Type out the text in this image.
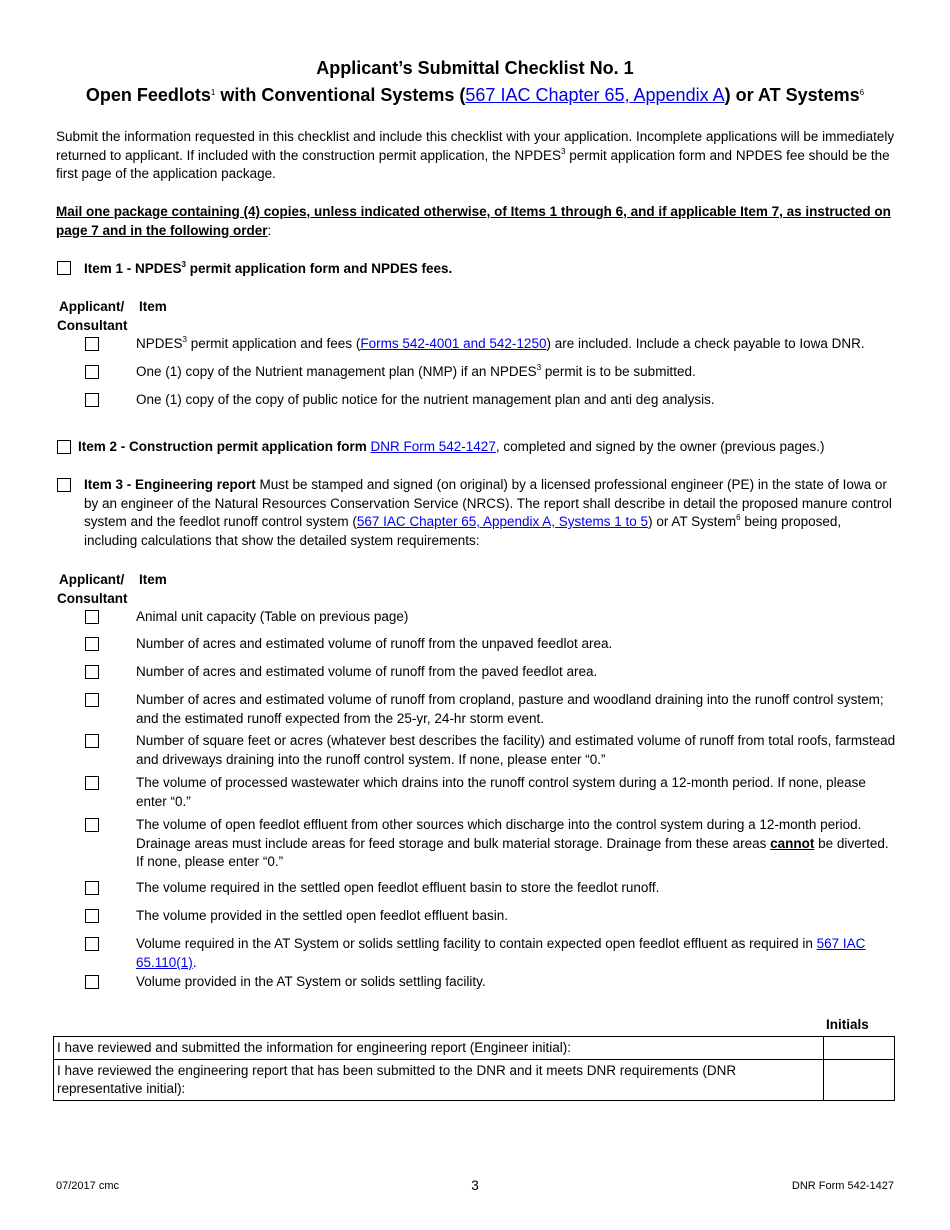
Applicant’s Submittal Checklist No. 1
Open Feedlots$^1$ with Conventional Systems (567 IAC Chapter 65, Appendix A) or AT Systems$^6$
Submit the information requested in this checklist and include this checklist with your application. Incomplete applications will be immediately returned to applicant. If included with the construction permit application, the NPDES$^3$ permit application form and NPDES fee should be the first page of the application package.
Mail one package containing (4) copies, unless indicated otherwise, of Items 1 through 6, and if applicable Item 7, as instructed on page 7 and in the following order:
Item 1 - NPDES$^3$ permit application form and NPDES fees.
Applicant/
Consultant
Item
NPDES$^3$ permit application and fees (Forms 542-4001 and 542-1250) are included. Include a check payable to Iowa DNR.
One (1) copy of the Nutrient management plan (NMP) if an NPDES$^3$ permit is to be submitted.
One (1) copy of the copy of public notice for the nutrient management plan and anti deg analysis.
Item 2 - Construction permit application form DNR Form 542-1427, completed and signed by the owner (previous pages.)
Item 3 - Engineering report Must be stamped and signed (on original) by a licensed professional engineer (PE) in the state of Iowa or by an engineer of the Natural Resources Conservation Service (NRCS). The report shall describe in detail the proposed manure control system and the feedlot runoff control system (567 IAC Chapter 65, Appendix A, Systems 1 to 5) or AT System$^6$ being proposed, including calculations that show the detailed system requirements:
Applicant/
Consultant
Item
Animal unit capacity (Table on previous page)
Number of acres and estimated volume of runoff from the unpaved feedlot area.
Number of acres and estimated volume of runoff from the paved feedlot area.
Number of acres and estimated volume of runoff from cropland, pasture and woodland draining into the runoff control system; and the estimated runoff expected from the 25-yr, 24-hr storm event.
Number of square feet or acres (whatever best describes the facility) and estimated volume of runoff from total roofs, farmstead and driveways draining into the runoff control system. If none, please enter “0.”
The volume of processed wastewater which drains into the runoff control system during a 12-month period. If none, please enter “0.”
The volume of open feedlot effluent from other sources which discharge into the control system during a 12-month period. Drainage areas must include areas for feed storage and bulk material storage. Drainage from these areas cannot be diverted. If none, please enter “0.”
The volume required in the settled open feedlot effluent basin to store the feedlot runoff.
The volume provided in the settled open feedlot effluent basin.
Volume required in the AT System or solids settling facility to contain expected open feedlot effluent as required in 567 IAC 65.110(1).
Volume provided in the AT System or solids settling facility.
Initials
I have reviewed and submitted the information for engineering report (Engineer initial):	
I have reviewed the engineering report that has been submitted to the DNR and it meets DNR requirements (DNR representative initial):	
07/2017 cmc	3	DNR Form 542-1427
